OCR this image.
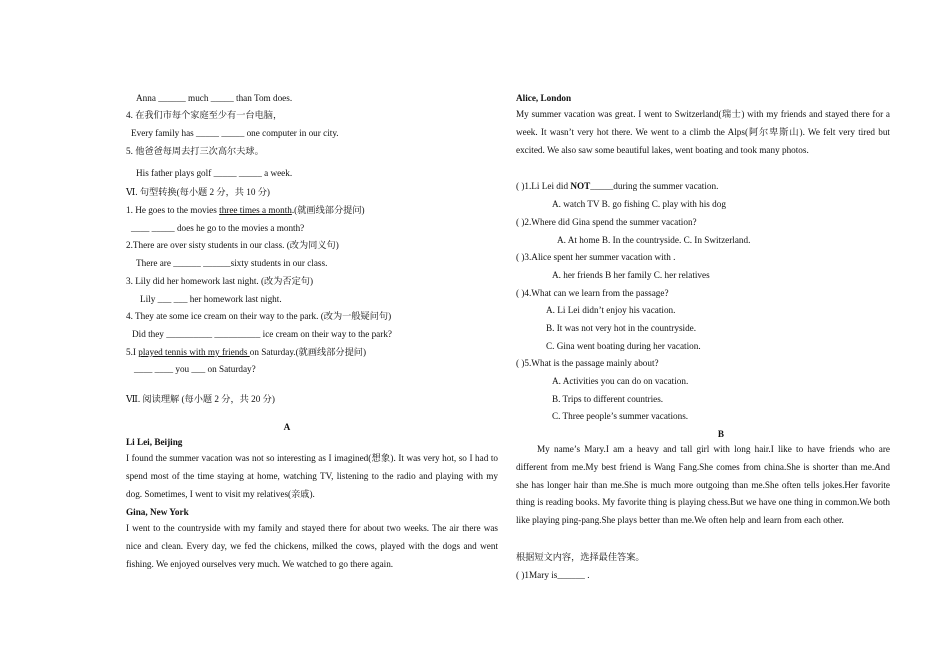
Anna ______ much _____ than Tom does.
4. 在我们市每个家庭至少有一台电脑，
Every family has _____ _____ one computer in our city.
5. 他爸爸每周去打三次高尔夫球。
His father plays golf _____ _____ a week.
Ⅵ. 句型转换(每小题 2 分，共 10 分)
1. He goes to the movies three times a month.(就画线部分提问)
____ _____ does he go to the movies a month?
2.There are over sisty students in our class. (改为同义句)
There are ______ ______sixty students in our class.
3. Lily did her homework last night. (改为否定句)
Lily ___ ___ her homework last night.
4. They ate some ice cream on their way to the park. (改为一般疑问句)
Did they __________ __________ ice cream on their way to the park?
5.I played tennis with my friends on Saturday.(就画线部分提问)
____ ____ you ___ on Saturday?
Ⅶ. 阅读理解 (每小题 2 分，共 20 分)
A
Li Lei, Beijing
I found the summer vacation was not so interesting as I imagined(想象). It was very hot, so I had to spend most of the time staying at home, watching TV, listening to the radio and playing with my dog. Sometimes, I went to visit my relatives(亲戚).
Gina, New York
I went to the countryside with my family and stayed there for about two weeks. The air there was nice and clean. Every day, we fed the chickens, milked the cows, played with the dogs and went fishing. We enjoyed ourselves very much. We watched to go there again.
Alice, London
My summer vacation was great. I went to Switzerland(瑞士) with my friends and stayed there for a week. It wasn’t very hot there. We went to a climb the Alps(阿尔卑斯山). We felt very tired but excited. We also saw some beautiful lakes, went boating and took many photos.
( )1.Li Lei did NOT_____during the summer vacation.
A. watch TV B. go fishing C. play with his dog
( )2.Where did Gina spend the summer vacation?
A. At home B. In the countryside. C. In Switzerland.
( )3.Alice spent her summer vacation with .
A. her friends B her family C. her relatives
( )4.What can we learn from the passage?
A. Li Lei didn’t enjoy his vacation.
B. It was not very hot in the countryside.
C. Gina went boating during her vacation.
( )5.What is the passage mainly about?
A. Activities you can do on vacation.
B. Trips to different countries.
C. Three people’s summer vacations.
B
My name’s Mary.I am a heavy and tall girl with long hair.I like to have friends who are different from me.My best friend is Wang Fang.She comes from china.She is shorter than me.And she has longer hair than me.She is much more outgoing than me.She often tells jokes.Her favorite thing is reading books. My favorite thing is playing chess.But we have one thing in common.We both like playing ping-pang.She plays better than me.We often help and learn from each other.
根据短文内容，选择最佳答案。
( )1Mary is______ .
